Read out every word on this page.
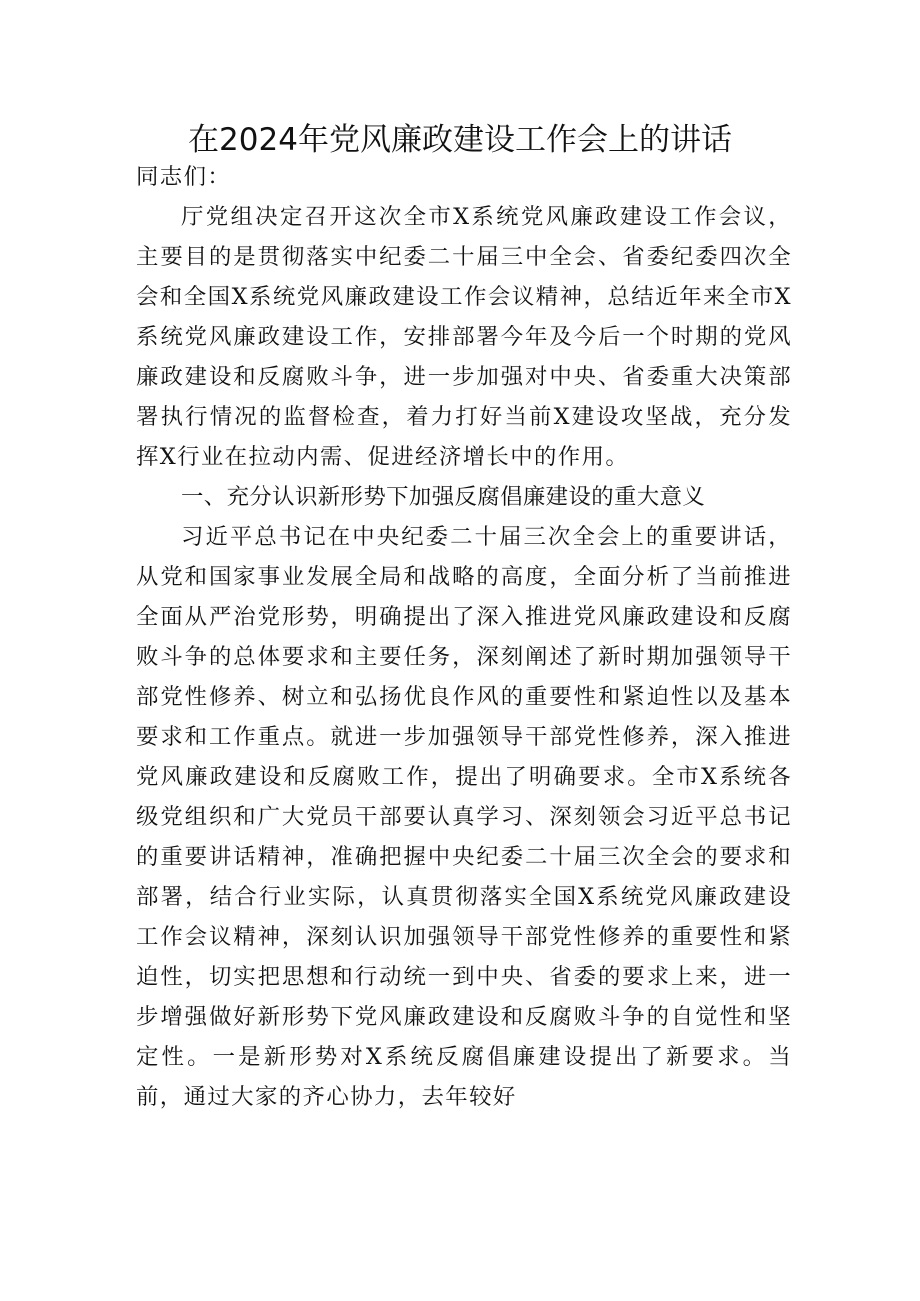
在2024年党风廉政建设工作会上的讲话

同志们：

厅党组决定召开这次全市X系统党风廉政建设工作会议，主要目的是贯彻落实中纪委二十届三中全会、省委纪委四次全会和全国X系统党风廉政建设工作会议精神，总结近年来全市X系统党风廉政建设工作，安排部署今年及今后一个时期的党风廉政建设和反腐败斗争，进一步加强对中央、省委重大决策部署执行情况的监督检查，着力打好当前X建设攻坚战，充分发挥X行业在拉动内需、促进经济增长中的作用。

一、充分认识新形势下加强反腐倡廉建设的重大意义

习近平总书记在中央纪委二十届三次全会上的重要讲话，从党和国家事业发展全局和战略的高度，全面分析了当前推进全面从严治党形势，明确提出了深入推进党风廉政建设和反腐败斗争的总体要求和主要任务，深刻阐述了新时期加强领导干部党性修养、树立和弘扬优良作风的重要性和紧迫性以及基本要求和工作重点。就进一步加强领导干部党性修养，深入推进党风廉政建设和反腐败工作，提出了明确要求。全市X系统各级党组织和广大党员干部要认真学习、深刻领会习近平总书记的重要讲话精神，准确把握中央纪委二十届三次全会的要求和部署，结合行业实际，认真贯彻落实全国X系统党风廉政建设工作会议精神，深刻认识加强领导干部党性修养的重要性和紧迫性，切实把思想和行动统一到中央、省委的要求上来，进一步增强做好新形势下党风廉政建设和反腐败斗争的自觉性和坚定性。一是新形势对X系统反腐倡廉建设提出了新要求。当前，通过大家的齐心协力，去年较好
